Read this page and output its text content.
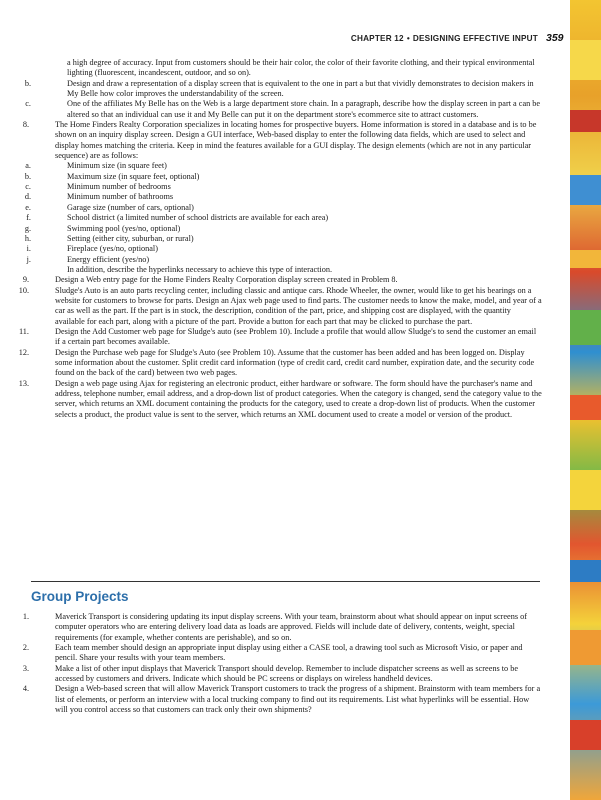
CHAPTER 12 • DESIGNING EFFECTIVE INPUT 359
a high degree of accuracy. Input from customers should be their hair color, the color of their favorite clothing, and their typical environmental lighting (fluorescent, incandescent, outdoor, and so on).
b.	Design and draw a representation of a display screen that is equivalent to the one in part a but that vividly demonstrates to decision makers in My Belle how color improves the understandability of the screen.
c.	One of the affiliates My Belle has on the Web is a large department store chain. In a paragraph, describe how the display screen in part a can be altered so that an individual can use it and My Belle can put it on the department store's ecommerce site to attract customers.
8.	The Home Finders Realty Corporation specializes in locating homes for prospective buyers. Home information is stored in a database and is to be shown on an inquiry display screen. Design a GUI interface, Web-based display to enter the following data fields, which are used to select and display homes matching the criteria. Keep in mind the features available for a GUI display. The design elements (which are not in any particular sequence) are as follows:
a.	Minimum size (in square feet)
b.	Maximum size (in square feet, optional)
c.	Minimum number of bedrooms
d.	Minimum number of bathrooms
e.	Garage size (number of cars, optional)
f.	School district (a limited number of school districts are available for each area)
g.	Swimming pool (yes/no, optional)
h.	Setting (either city, suburban, or rural)
i.	Fireplace (yes/no, optional)
j.	Energy efficient (yes/no)
In addition, describe the hyperlinks necessary to achieve this type of interaction.
9.	Design a Web entry page for the Home Finders Realty Corporation display screen created in Problem 8.
10.	Sludge's Auto is an auto parts recycling center, including classic and antique cars. Rhode Wheeler, the owner, would like to get his bearings on a website for customers to browse for parts. Design an Ajax web page used to find parts. The customer needs to know the make, model, and year of a car as well as the part. If the part is in stock, the description, condition of the part, price, and shipping cost are displayed, with the quantity available for each part, along with a picture of the part. Provide a button for each part that may be clicked to purchase the part.
11.	Design the Add Customer web page for Sludge's auto (see Problem 10). Include a profile that would allow Sludge's to send the customer an email if a certain part becomes available.
12.	Design the Purchase web page for Sludge's Auto (see Problem 10). Assume that the customer has been added and has been logged on. Display some information about the customer. Split credit card information (type of credit card, credit card number, expiration date, and the security code found on the back of the card) between two web pages.
13.	Design a web page using Ajax for registering an electronic product, either hardware or software. The form should have the purchaser's name and address, telephone number, email address, and a drop-down list of product categories. When the category is changed, send the category value to the server, which returns an XML document containing the products for the category, used to create a drop-down list of products. When the customer selects a product, the product value is sent to the server, which returns an XML document used to create a model or version of the product.
Group Projects
1.	Maverick Transport is considering updating its input display screens. With your team, brainstorm about what should appear on input screens of computer operators who are entering delivery load data as loads are approved. Fields will include date of delivery, contents, weight, special requirements (for example, whether contents are perishable), and so on.
2.	Each team member should design an appropriate input display using either a CASE tool, a drawing tool such as Microsoft Visio, or paper and pencil. Share your results with your team members.
3.	Make a list of other input displays that Maverick Transport should develop. Remember to include dispatcher screens as well as screens to be accessed by customers and drivers. Indicate which should be PC screens or displays on wireless handheld devices.
4.	Design a Web-based screen that will allow Maverick Transport customers to track the progress of a shipment. Brainstorm with team members for a list of elements, or perform an interview with a local trucking company to find out its requirements. List what hyperlinks will be essential. How will you control access so that customers can track only their own shipments?
